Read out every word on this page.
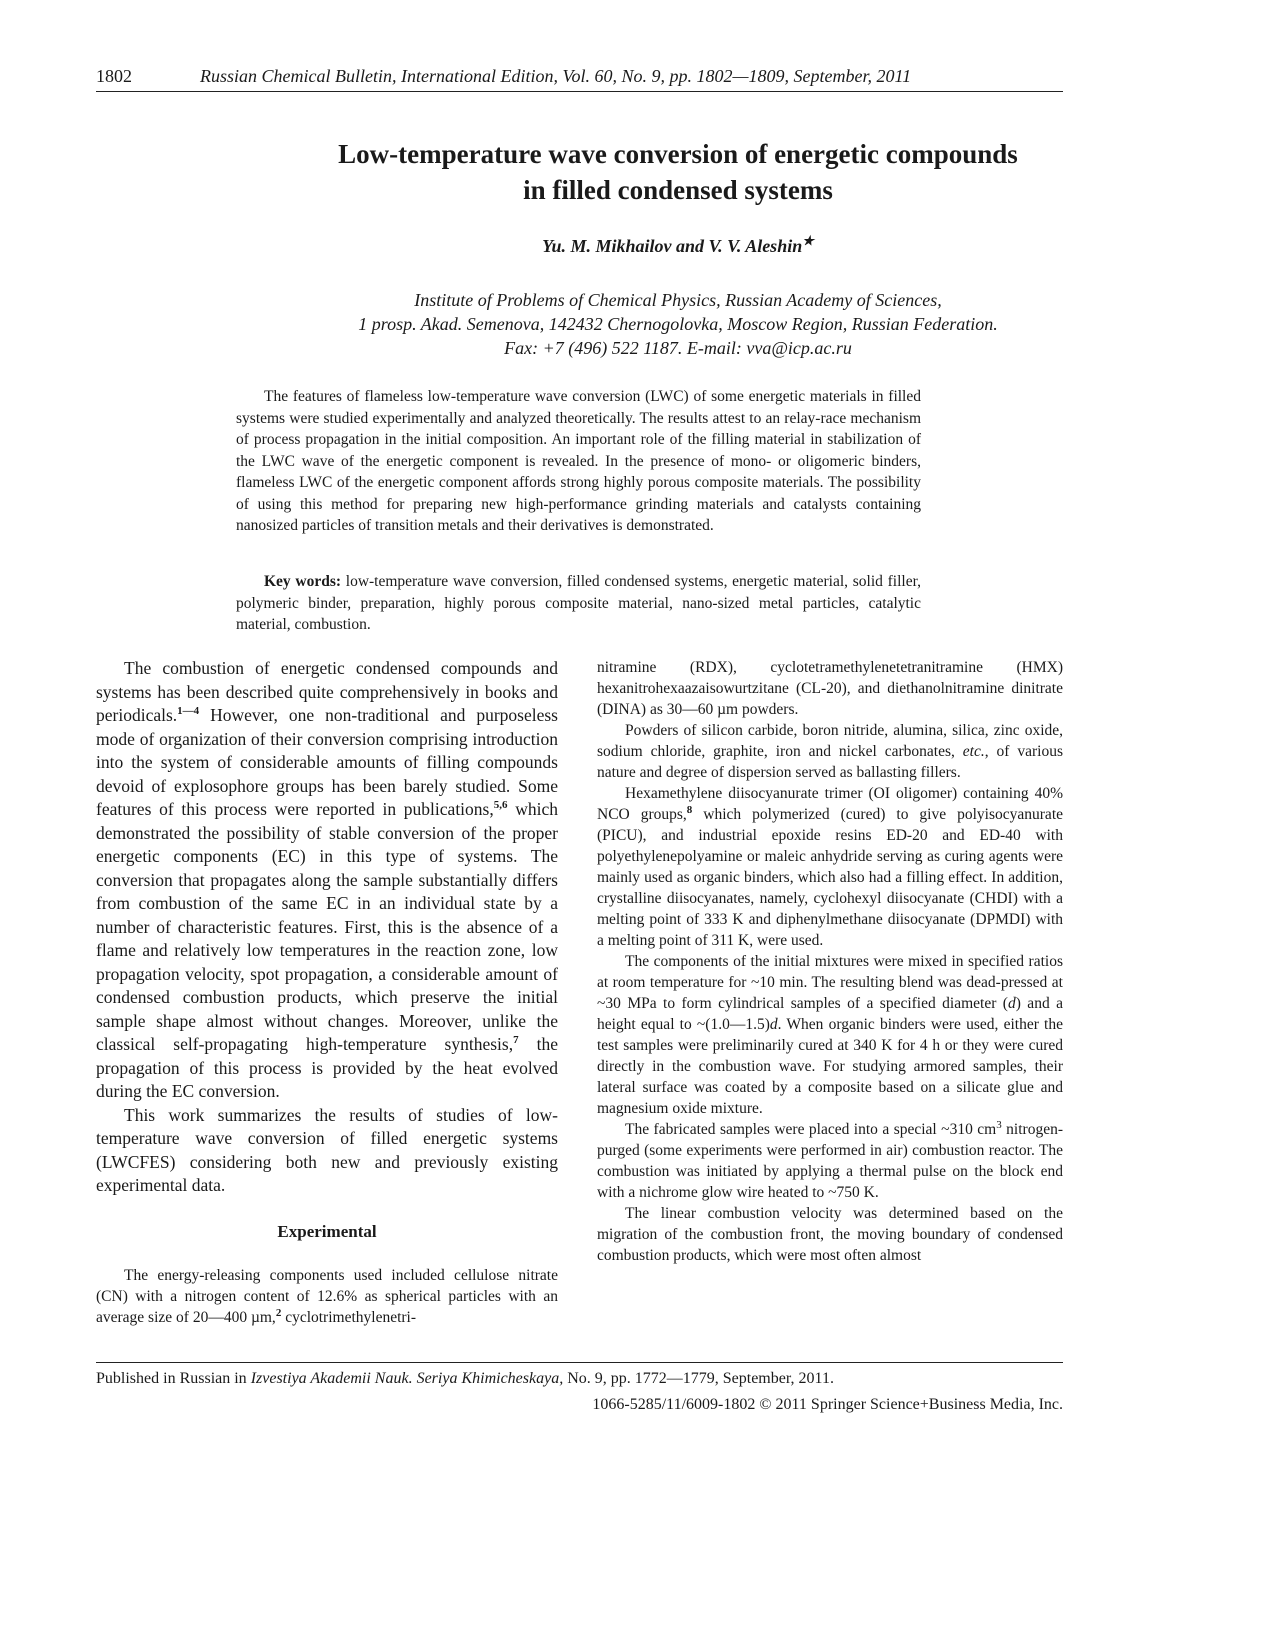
1802	Russian Chemical Bulletin, International Edition, Vol. 60, No. 9, pp. 1802—1809, September, 2011
Low-temperature wave conversion of energetic compounds
in filled condensed systems
Yu. M. Mikhailov and V. V. Aleshin★
Institute of Problems of Chemical Physics, Russian Academy of Sciences,
1 prosp. Akad. Semenova, 142432 Chernogolovka, Moscow Region, Russian Federation.
Fax: +7 (496) 522 1187. E-mail: vva@icp.ac.ru
The features of flameless low-temperature wave conversion (LWC) of some energetic materials in filled systems were studied experimentally and analyzed theoretically. The results attest to an relay-race mechanism of process propagation in the initial composition. An important role of the filling material in stabilization of the LWC wave of the energetic component is revealed. In the presence of mono- or oligomeric binders, flameless LWC of the energetic component affords strong highly porous composite materials. The possibility of using this method for preparing new high-performance grinding materials and catalysts containing nanosized particles of transition metals and their derivatives is demonstrated.
Key words: low-temperature wave conversion, filled condensed systems, energetic material, solid filler, polymeric binder, preparation, highly porous composite material, nano-sized metal particles, catalytic material, combustion.

The combustion of energetic condensed compounds and systems has been described quite comprehensively in books and periodicals.$^{1—4}$ However, one non-traditional and purposeless mode of organization of their conversion comprising introduction into the system of considerable amounts of filling compounds devoid of explosophore groups has been barely studied. Some features of this process were reported in publications,$^{5,6}$ which demonstrated the possibility of stable conversion of the proper energetic components (EC) in this type of systems. The conversion that propagates along the sample substantially differs from combustion of the same EC in an individual state by a number of characteristic features. First, this is the absence of a flame and relatively low temperatures in the reaction zone, low propagation velocity, spot propagation, a considerable amount of condensed combustion products, which preserve the initial sample shape almost without changes. Moreover, unlike the classical self-propagating high-temperature synthesis,$^7$ the propagation of this process is provided by the heat evolved during the EC conversion.

This work summarizes the results of studies of low-temperature wave conversion of filled energetic systems (LWCFES) considering both new and previously existing experimental data.

Experimental

The energy-releasing components used included cellulose nitrate (CN) with a nitrogen content of 12.6% as spherical particles with an average size of 20—400 µm,$^2$ cyclotrimethylenetri-

nitramine (RDX), cyclotetramethylenetetranitramine (HMX) hexanitrohexaazaisowurtzitane (CL-20), and diethanolnitramine dinitrate (DINA) as 30—60 µm powders.

Powders of silicon carbide, boron nitride, alumina, silica, zinc oxide, sodium chloride, graphite, iron and nickel carbonates, etc., of various nature and degree of dispersion served as ballasting fillers.

Hexamethylene diisocyanurate trimer (OI oligomer) containing 40% NCO groups,$^8$ which polymerized (cured) to give polyisocyanurate (PICU), and industrial epoxide resins ED-20 and ED-40 with polyethylenepolyamine or maleic anhydride serving as curing agents were mainly used as organic binders, which also had a filling effect. In addition, crystalline diisocyanates, namely, cyclohexyl diisocyanate (CHDI) with a melting point of 333 K and diphenylmethane diisocyanate (DPMDI) with a melting point of 311 K, were used.

The components of the initial mixtures were mixed in specified ratios at room temperature for ~10 min. The resulting blend was dead-pressed at ~30 MPa to form cylindrical samples of a specified diameter (d) and a height equal to ~(1.0—1.5)d. When organic binders were used, either the test samples were preliminarily cured at 340 K for 4 h or they were cured directly in the combustion wave. For studying armored samples, their lateral surface was coated by a composite based on a silicate glue and magnesium oxide mixture.

The fabricated samples were placed into a special ~310 $cm^3$ nitrogen-purged (some experiments were performed in air) combustion reactor. The combustion was initiated by applying a thermal pulse on the block end with a nichrome glow wire heated to ~750 K.

The linear combustion velocity was determined based on the migration of the combustion front, the moving boundary of condensed combustion products, which were most often almost

Published in Russian in Izvestiya Akademii Nauk. Seriya Khimicheskaya, No. 9, pp. 1772—1779, September, 2011.
1066-5285/11/6009-1802 © 2011 Springer Science+Business Media, Inc.
